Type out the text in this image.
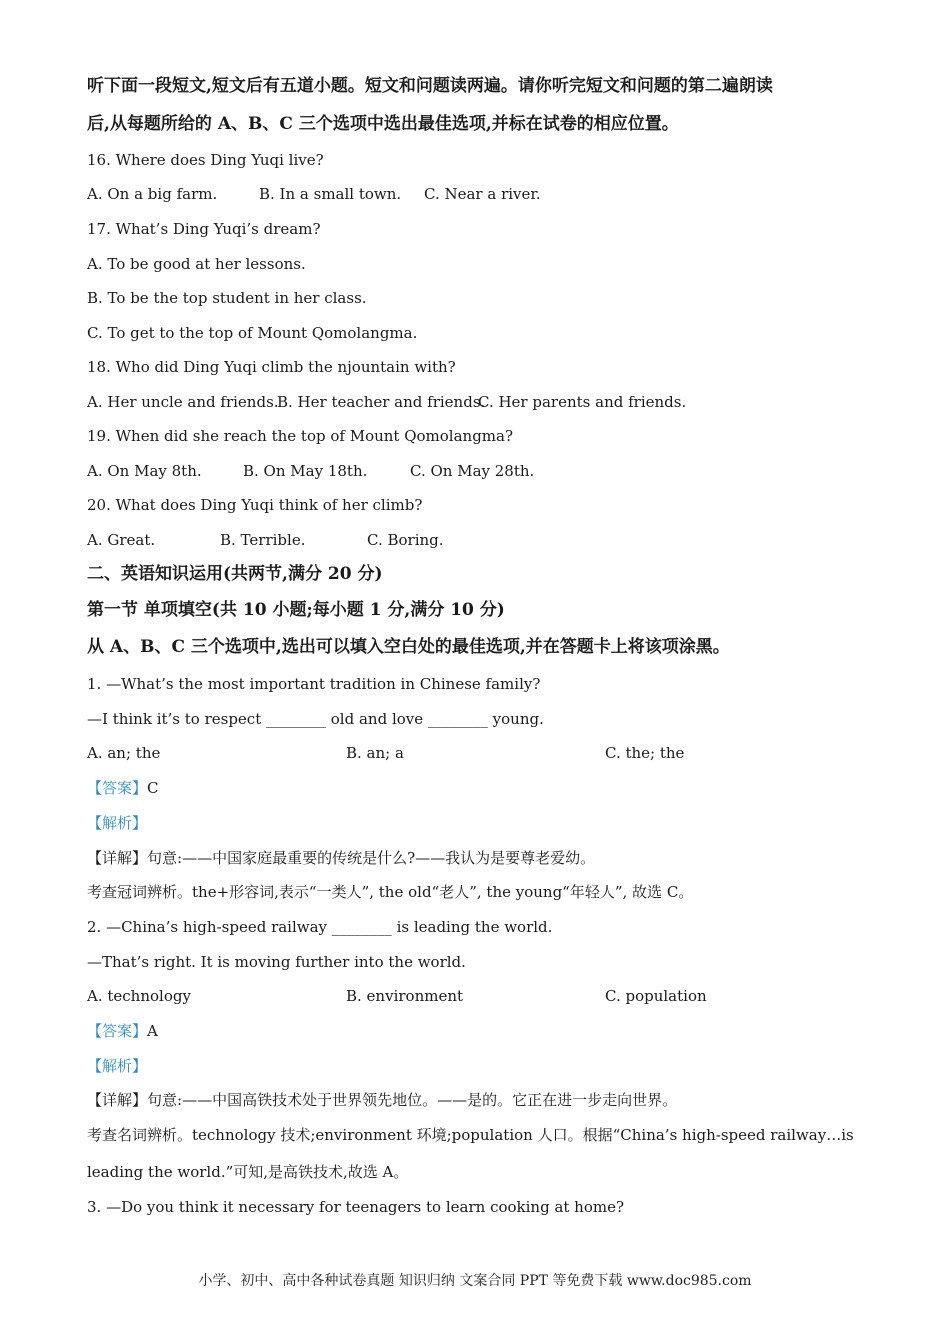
听下面一段短文,短文后有五道小题。短文和问题读两遍。请你听完短文和问题的第二遍朗读
后,从每题所给的 A、B、C 三个选项中选出最佳选项,并标在试卷的相应位置。
16. Where does Ding Yuqi live?
A. On a big farm.	B. In a small town. C. Near a river.
17. What’s Ding Yuqi’s dream?
A. To be good at her lessons.
B. To be the top student in her class.
C. To get to the top of Mount Qomolangma.
18. Who did Ding Yuqi climb the njountain with?
A. Her uncle and friends.
B. Her teacher and friends.
C. Her parents and friends.
19. When did she reach the top of Mount Qomolangma?
A. On May 8th.	B. On May 18th.	C. On May 28th.
20. What does Ding Yuqi think of her climb?
A. Great.	B. Terrible.	C. Boring.
二、英语知识运用(共两节,满分 20 分)
第一节 单项填空(共 10 小题;每小题 1 分,满分 10 分)
从 A、B、C 三个选项中,选出可以填入空白处的最佳选项,并在答题卡上将该项涂黑。
1. —What’s the most important tradition in Chinese family?
—I think it’s to respect ________ old and love ________ young.
A. an; the	B. an; a	C. the; the
【答案】C
【解析】
【详解】句意:——中国家庭最重要的传统是什么?——我认为是要尊老爱幼。
考查冠词辨析。the+形容词,表示“一类人”, the old“老人”, the young“年轻人”, 故选 C。
2. —China’s high-speed railway ________ is leading the world.
—That’s right. It is moving further into the world.
A. technology	B. environment	C. population
【答案】A
【解析】
【详解】句意:——中国高铁技术处于世界领先地位。——是的。它正在进一步走向世界。
考查名词辨析。technology 技术;environment 环境;population 人口。根据“China’s high-speed railway…is
leading the world.”可知,是高铁技术,故选 A。
3. —Do you think it necessary for teenagers to learn cooking at home?
小学、初中、高中各种试卷真题 知识归纳 文案合同 PPT 等免费下载 www.doc985.com
